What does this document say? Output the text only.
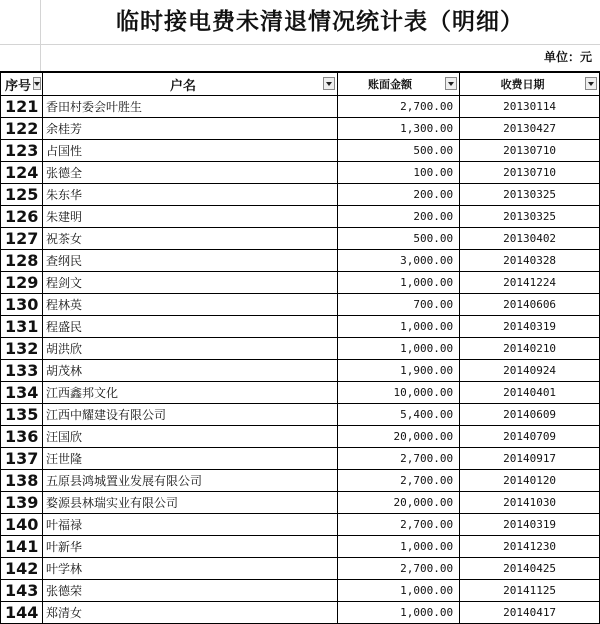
临时接电费未清退情况统计表（明细）
单位：元
序号	户名	账面金额	收费日期

121	香田村委会叶胜生	2,700.00	20130114
122	余桂芳	1,300.00	20130427
123	占国性	500.00	20130710
124	张德全	100.00	20130710
125	朱东华	200.00	20130325
126	朱建明	200.00	20130325
127	祝茶女	500.00	20130402
128	查纲民	3,000.00	20140328
129	程剑文	1,000.00	20141224
130	程林英	700.00	20140606
131	程盛民	1,000.00	20140319
132	胡洪欣	1,000.00	20140210
133	胡茂林	1,900.00	20140924
134	江西鑫邦文化	10,000.00	20140401
135	江西中耀建设有限公司	5,400.00	20140609
136	汪国欣	20,000.00	20140709
137	汪世隆	2,700.00	20140917
138	五原县鸿城置业发展有限公司	2,700.00	20140120
139	婺源县林瑞实业有限公司	20,000.00	20141030
140	叶福禄	2,700.00	20140319
141	叶新华	1,000.00	20141230
142	叶学林	2,700.00	20140425
143	张德荣	1,000.00	20141125
144	郑清女	1,000.00	20140417
